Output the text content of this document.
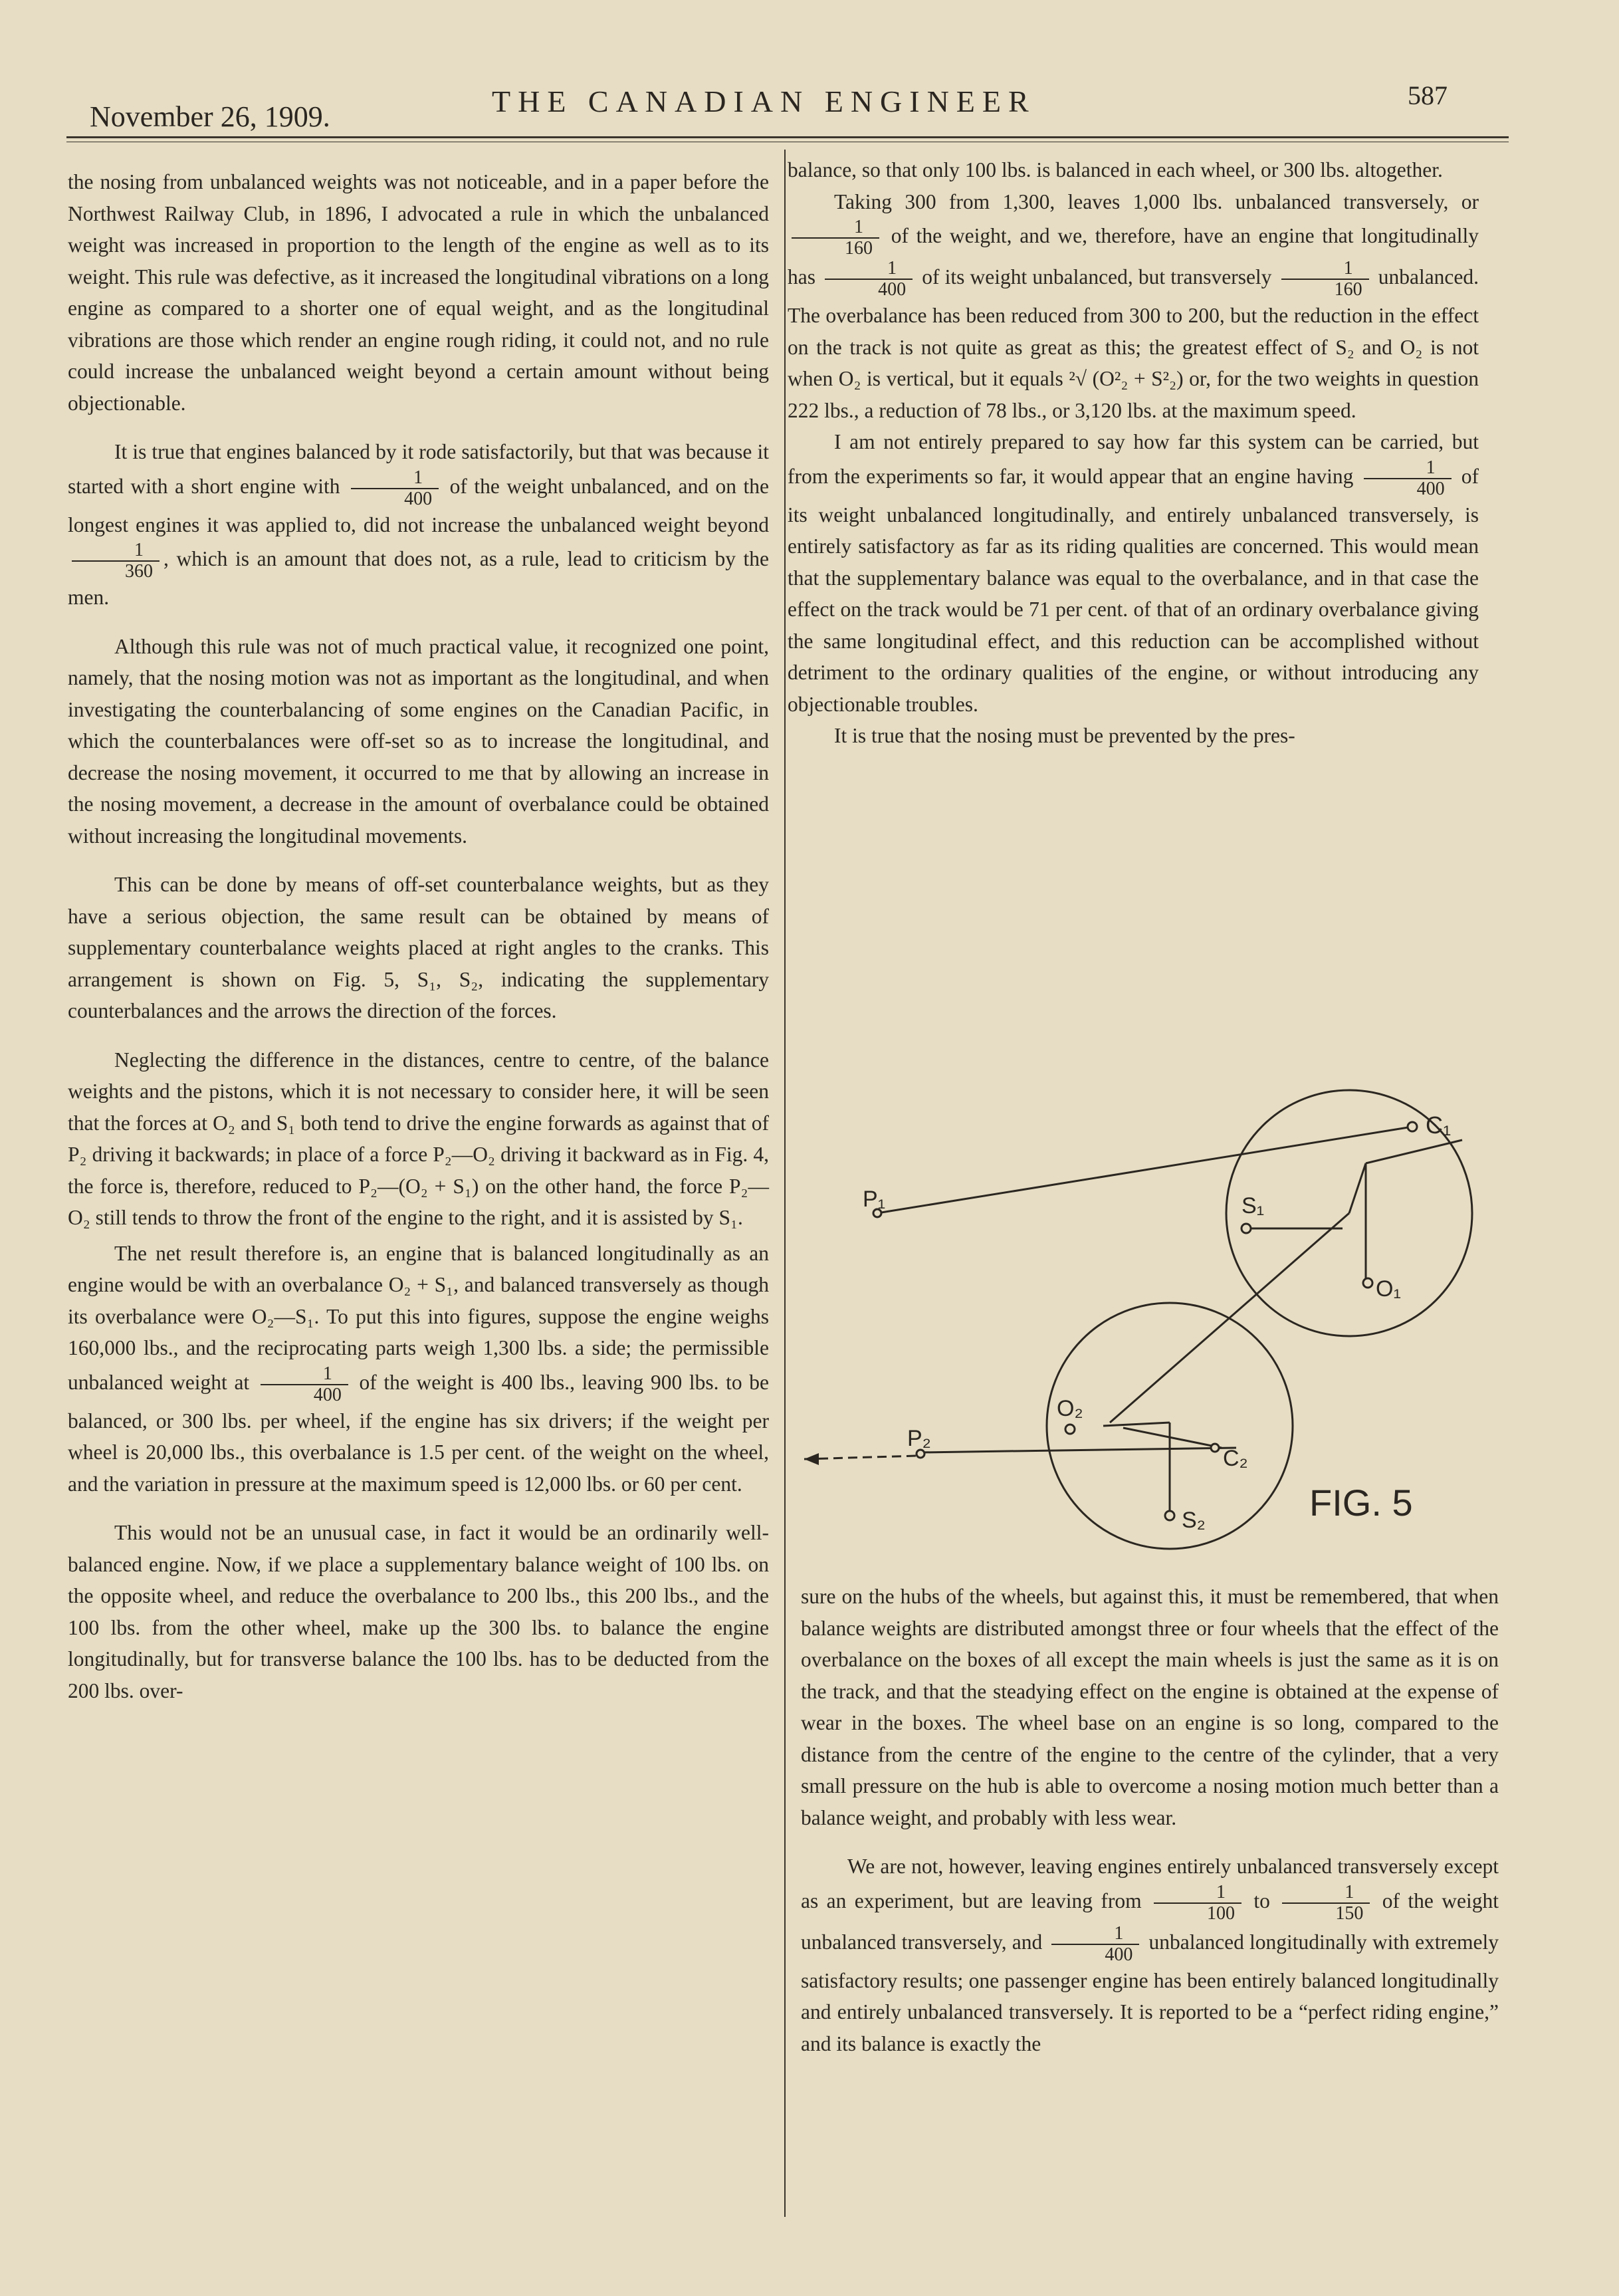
November 26, 1909.	THE CANADIAN ENGINEER	587

the nosing from unbalanced weights was not noticeable, and in a paper before the Northwest Railway Club, in 1896, I advocated a rule in which the unbalanced weight was increased in proportion to the length of the engine as well as to its weight. This rule was defective, as it increased the longitudinal vibrations on a long engine as compared to a shorter one of equal weight, and as the longitudinal vibrations are those which render an engine rough riding, it could not, and no rule could increase the unbalanced weight beyond a certain amount without being objectionable.

It is true that engines balanced by it rode satisfactorily, but that was because it started with a short engine with $\frac{1}{400}$ of the weight unbalanced, and on the longest engines it was applied to, did not increase the unbalanced weight beyond
$\frac{1}{360}$ , which is an amount that does not, as a rule, lead to criticism by the men.

Although this rule was not of much practical value, it recognized one point, namely, that the nosing motion was not as important as the longitudinal, and when investigating the counterbalancing of some engines on the Canadian Pacific, in which the counterbalances were off-set so as to increase the longitudinal, and decrease the nosing movement, it occurred to me that by allowing an increase in the nosing movement, a decrease in the amount of overbalance could be obtained without increasing the longitudinal movements.

This can be done by means of off-set counterbalance weights, but as they have a serious objection, the same result can be obtained by means of supplementary counterbalance weights placed at right angles to the cranks. This arrangement is shown on Fig. 5, S₁, S₂, indicating the supplementary counterbalances and the arrows the direction of the forces.

Neglecting the difference in the distances, centre to centre, of the balance weights and the pistons, which it is not necessary to consider here, it will be seen that the forces at O₂ and S₁ both tend to drive the engine forwards as against that of P₂ driving it backwards; in place of a force P₂—O₂ driving it backward as in Fig. 4, the force is, therefore, reduced to P₂—(O₂ + S₁) on the other hand, the force P₂—O₂ still tends to throw the front of the engine to the right, and it is assisted by S₁.

The net result therefore is, an engine that is balanced longitudinally as an engine would be with an overbalance O₂ + S₁, and balanced transversely as though its overbalance were O₂—S₁. To put this into figures, suppose the engine weighs 160,000 lbs., and the reciprocating parts weigh 1,300 lbs. a side; the permissible unbalanced weight at $\frac{1}{400}$ of the weight is 400 lbs., leaving 900 lbs. to be balanced, or 300 lbs. per wheel, if the engine has six drivers; if the weight per wheel is 20,000 lbs., this overbalance is 1.5 per cent. of the weight on the wheel, and the variation in pressure at the maximum speed is 12,000 lbs. or 60 per cent.

This would not be an unusual case, in fact it would be an ordinarily well-balanced engine. Now, if we place a supplementary balance weight of 100 lbs. on the opposite wheel, and reduce the overbalance to 200 lbs., this 200 lbs., and the 100 lbs. from the other wheel, make up the 300 lbs. to balance the engine longitudinally, but for transverse balance the 100 lbs. has to be deducted from the 200 lbs. over-

balance, so that only 100 lbs. is balanced in each wheel, or 300 lbs. altogether.

Taking 300 from 1,300, leaves 1,000 lbs. unbalanced transversely, or
$\frac{1}{160}$ of the weight, and we, therefore, have an engine that longitudinally has $\frac{1}{400}$ of its weight unbalanced, but transversely $\frac{1}{160}$ unbalanced. The overbalance has been reduced from 300 to 200, but the reduction in the effect on the track is not quite as great as this; the greatest effect of S₂ and O₂ is not when O₂ is vertical, but it equals ²√ (O²₂ + S²₂) or, for the two weights in question 222 lbs., a reduction of 78 lbs., or 3,120 lbs. at the maximum speed.

I am not entirely prepared to say how far this system can be carried, but from the experiments so far, it would appear that an engine having $\frac{1}{400}$ of its weight unbalanced longitudinally, and entirely unbalanced transversely, is entirely satisfactory as far as its riding qualities are concerned. This would mean that the supplementary balance was equal to the overbalance, and in that case the effect on the track would be 71 per cent. of that of an ordinary overbalance giving the same longitudinal effect, and this reduction can be accomplished without detriment to the ordinary qualities of the engine, or without introducing any objectionable troubles.

It is true that the nosing must be prevented by the pres-

C₁
S₁
O₁
P₁
O₂
P₂
C₂
S₂	FIG. 5

sure on the hubs of the wheels, but against this, it must be remembered, that when balance weights are distributed amongst three or four wheels that the effect of the overbalance on the boxes of all except the main wheels is just the same as it is on the track, and that the steadying effect on the engine is obtained at the expense of wear in the boxes. The wheel base on an engine is so long, compared to the distance from the centre of the engine to the centre of the cylinder, that a very small pressure on the hub is able to overcome a nosing motion much better than a balance weight, and probably with less wear.

We are not, however, leaving engines entirely unbalanced transversely except as an experiment, but are leaving from $\frac{1}{100}$ to $\frac{1}{150}$ of the weight unbalanced transversely, and $\frac{1}{400}$ unbalanced longitudinally with extremely satisfactory results; one passenger engine has been entirely balanced longitudinally and entirely unbalanced transversely. It is reported to be a “perfect riding engine,” and its balance is exactly the
